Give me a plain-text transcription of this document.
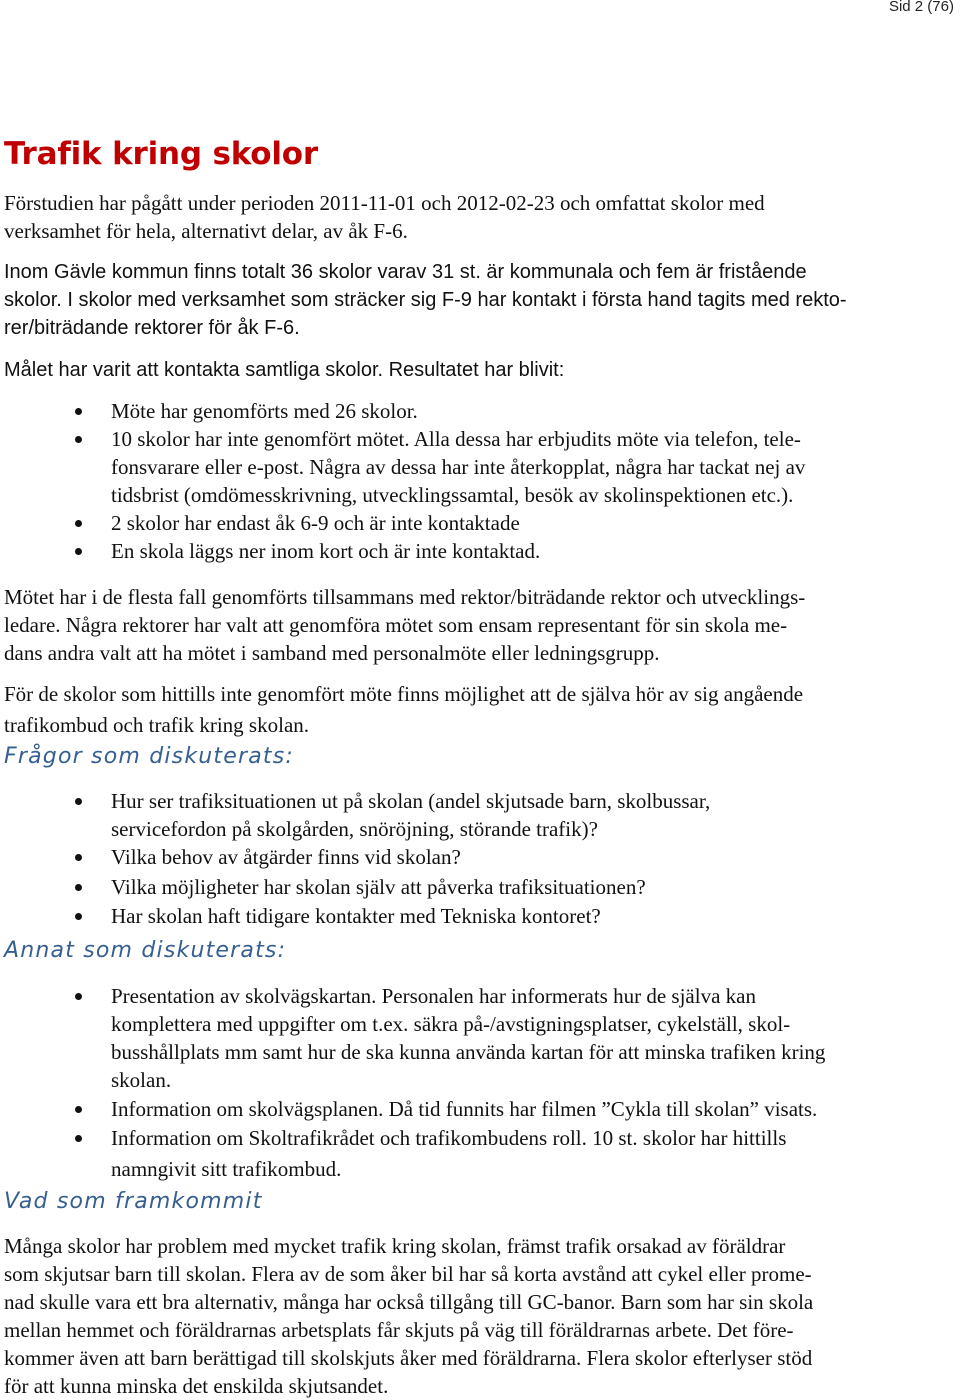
Sid 2 (76)
Trafik kring skolor
Förstudien har pågått under perioden 2011-11-01 och 2012-02-23 och omfattat skolor med
verksamhet för hela, alternativt delar, av åk F-6.
Inom Gävle kommun finns totalt 36 skolor varav 31 st. är kommunala och fem är fristående
skolor. I skolor med verksamhet som sträcker sig F-9 har kontakt i första hand tagits med rekto-
rer/biträdande rektorer för åk F-6.
Målet har varit att kontakta samtliga skolor. Resultatet har blivit:
Möte har genomförts med 26 skolor.
10 skolor har inte genomfört mötet. Alla dessa har erbjudits möte via telefon, tele-
fonsvarare eller e-post. Några av dessa har inte återkopplat, några har tackat nej av
tidsbrist (omdömesskrivning, utvecklingssamtal, besök av skolinspektionen etc.).
2 skolor har endast åk 6-9 och är inte kontaktade
En skola läggs ner inom kort och är inte kontaktad.
Mötet har i de flesta fall genomförts tillsammans med rektor/biträdande rektor och utvecklings-
ledare. Några rektorer har valt att genomföra mötet som ensam representant för sin skola me-
dans andra valt att ha mötet i samband med personalmöte eller ledningsgrupp.
För de skolor som hittills inte genomfört möte finns möjlighet att de själva hör av sig angående
trafikombud och trafik kring skolan.
Frågor som diskuterats:
Hur ser trafiksituationen ut på skolan (andel skjutsade barn, skolbussar,
servicefordon på skolgården, snöröjning, störande trafik)?
Vilka behov av åtgärder finns vid skolan?
Vilka möjligheter har skolan själv att påverka trafiksituationen?
Har skolan haft tidigare kontakter med Tekniska kontoret?
Annat som diskuterats:
Presentation av skolvägskartan. Personalen har informerats hur de själva kan
komplettera med uppgifter om t.ex. säkra på-/avstigningsplatser, cykelställ, skol-
busshållplats mm samt hur de ska kunna använda kartan för att minska trafiken kring
skolan.
Information om skolvägsplanen. Då tid funnits har filmen ”Cykla till skolan” visats.
Information om Skoltrafikrådet och trafikombudens roll. 10 st. skolor har hittills
namngivit sitt trafikombud.
Vad som framkommit
Många skolor har problem med mycket trafik kring skolan, främst trafik orsakad av föräldrar
som skjutsar barn till skolan. Flera av de som åker bil har så korta avstånd att cykel eller prome-
nad skulle vara ett bra alternativ, många har också tillgång till GC-banor. Barn som har sin skola
mellan hemmet och föräldrarnas arbetsplats får skjuts på väg till föräldrarnas arbete. Det före-
kommer även att barn berättigad till skolskjuts åker med föräldrarna. Flera skolor efterlyser stöd
för att kunna minska det enskilda skjutsandet.
